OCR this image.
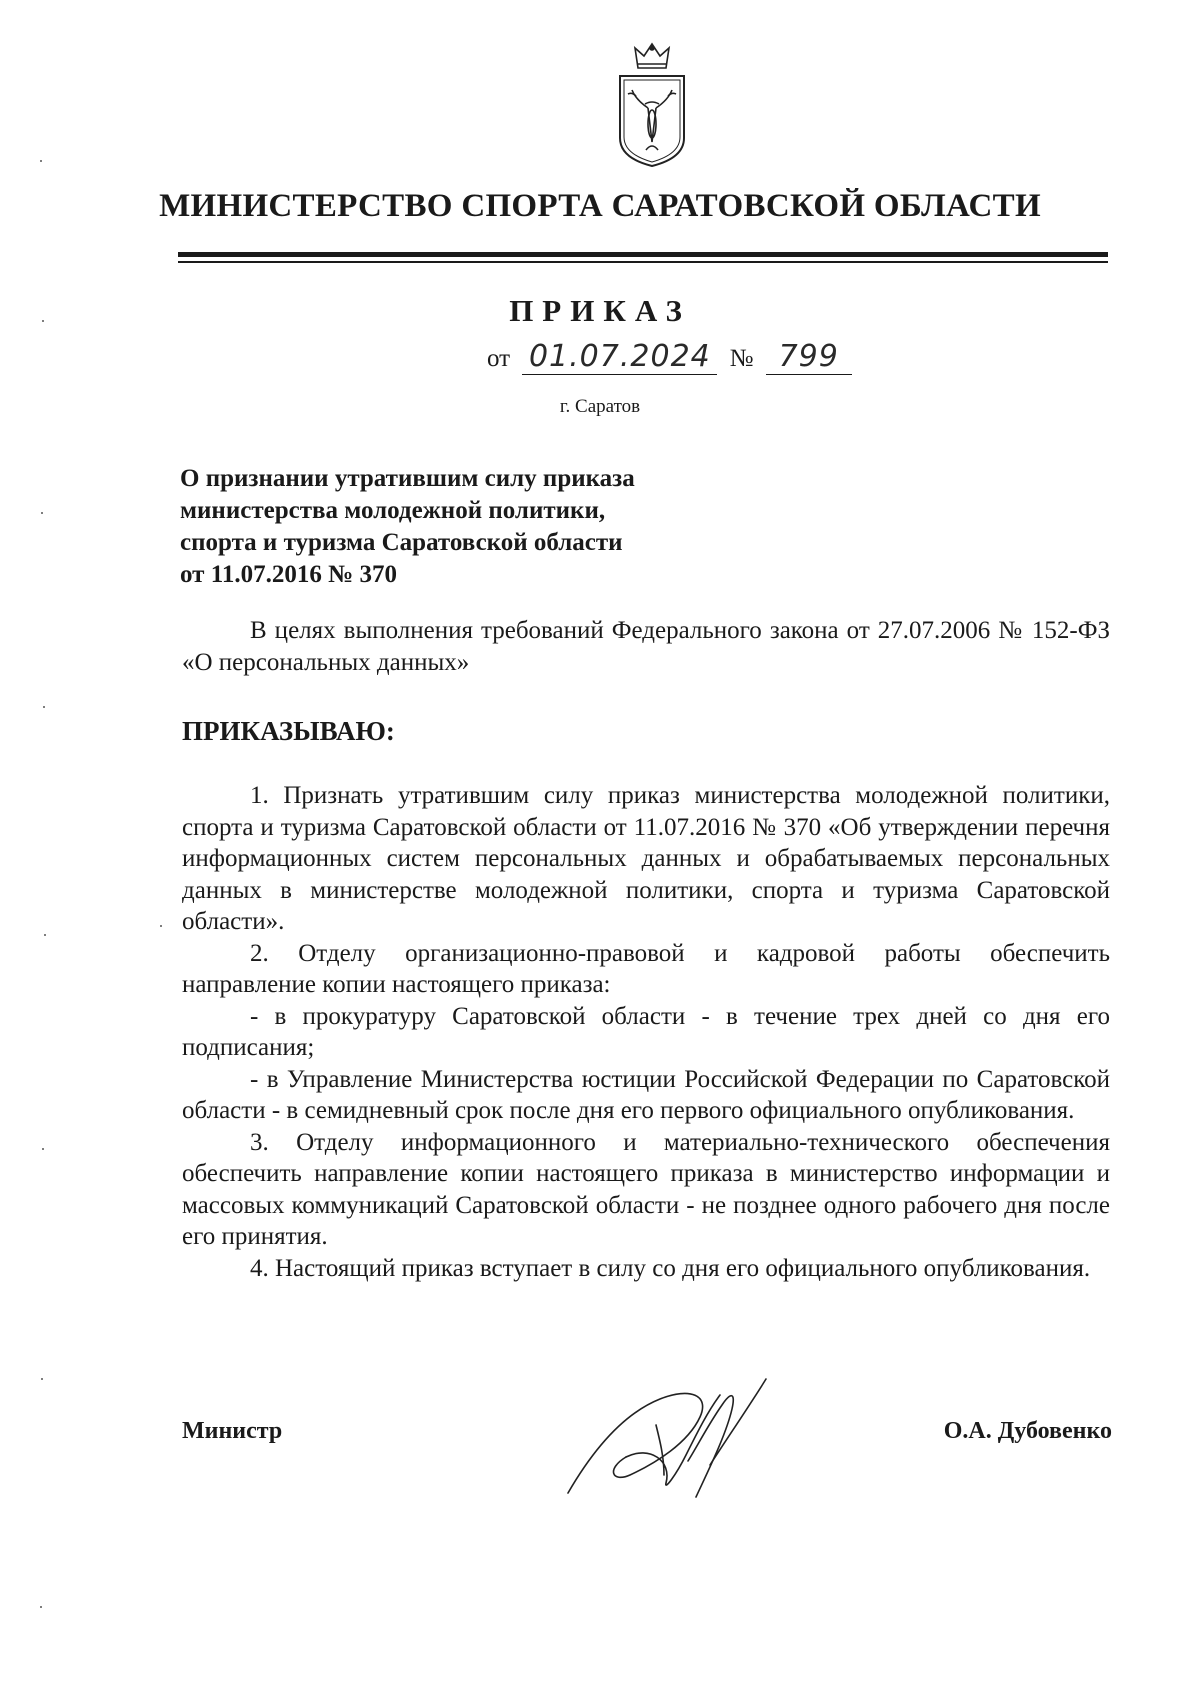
МИНИСТЕРСТВО СПОРТА САРАТОВСКОЙ ОБЛАСТИ
ПРИКАЗ
от 01.07.2024 № 799
г. Саратов
О признании утратившим силу приказа
министерства молодежной политики,
спорта и туризма Саратовской области
от 11.07.2016 № 370

В целях выполнения требований Федерального закона от 27.07.2006 № 152-ФЗ «О персональных данных»

ПРИКАЗЫВАЮ:

1. Признать утратившим силу приказ министерства молодежной политики, спорта и туризма Саратовской области от 11.07.2016 № 370 «Об утверждении перечня информационных систем персональных данных и обрабатываемых персональных данных в министерстве молодежной политики, спорта и туризма Саратовской области».

2. Отделу организационно-правовой и кадровой работы обеспечить направление копии настоящего приказа:

- в прокуратуру Саратовской области - в течение трех дней со дня его подписания;

- в Управление Министерства юстиции Российской Федерации по Саратовской области - в семидневный срок после дня его первого официального опубликования.

3. Отделу информационного и материально-технического обеспечения обеспечить направление копии настоящего приказа в министерство информации и массовых коммуникаций Саратовской области - не позднее одного рабочего дня после его принятия.

4. Настоящий приказ вступает в силу со дня его официального опубликования.

Министр	О.А. Дубовенко
